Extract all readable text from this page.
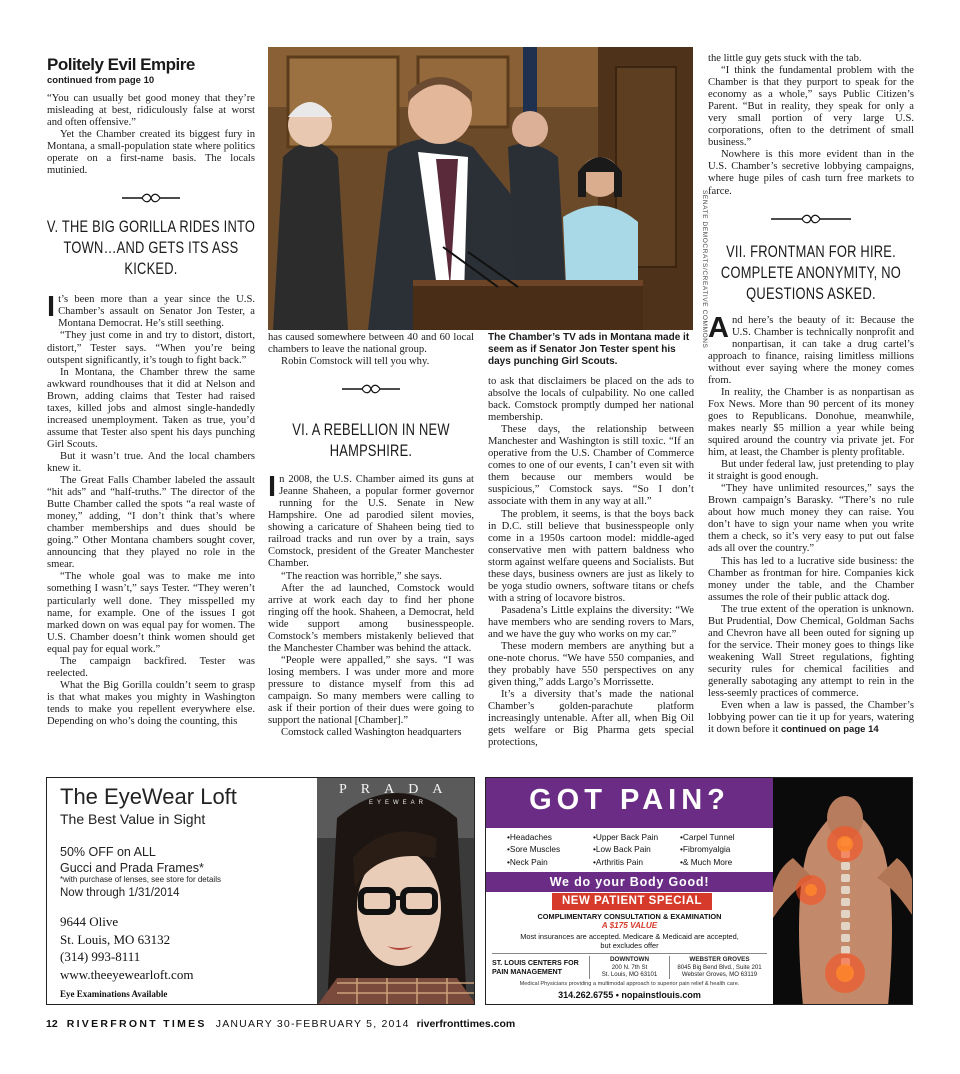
Politely Evil Empire
continued from page 10

“You can usually bet good money that they’re misleading at best, ridiculously false at worst and often offensive.”

Yet the Chamber created its biggest fury in Montana, a small-population state where politics operate on a first-name basis. The locals mutinied.

V. THE BIG GORILLA RIDES INTO TOWN…AND GETS ITS ASS KICKED.

It’s been more than a year since the U.S. Chamber’s assault on Senator Jon Tester, a Montana Democrat. He’s still seething.

“They just come in and try to distort, distort, distort,” Tester says. “When you’re being outspent significantly, it’s tough to fight back.”

In Montana, the Chamber threw the same awkward roundhouses that it did at Nelson and Brown, adding claims that Tester had raised taxes, killed jobs and almost single-handedly increased unemployment. Taken as true, you’d assume that Tester also spent his days punching Girl Scouts.

But it wasn’t true. And the local chambers knew it.

The Great Falls Chamber labeled the assault “hit ads” and “half-truths.” The director of the Butte Chamber called the spots “a real waste of money,” adding, “I don’t think that’s where chamber memberships and dues should be going.” Other Montana chambers sought cover, announcing that they played no role in the smear.

“The whole goal was to make me into something I wasn’t,” says Tester. “They weren’t particularly well done. They misspelled my name, for example. One of the issues I got marked down on was equal pay for women. The U.S. Chamber doesn’t think women should get equal pay for equal work.”

The campaign backfired. Tester was reelected.

What the Big Gorilla couldn’t seem to grasp is that what makes you mighty in Washington tends to make you repellent everywhere else. Depending on who’s doing the counting, this

SENATE DEMOCRATS/CREATIVE COMMONS

has caused somewhere between 40 and 60 local chambers to leave the national group.

Robin Comstock will tell you why.

VI. A REBELLION IN NEW HAMPSHIRE.

In 2008, the U.S. Chamber aimed its guns at Jeanne Shaheen, a popular former governor running for the U.S. Senate in New Hampshire. One ad parodied silent movies, showing a caricature of Shaheen being tied to railroad tracks and run over by a train, says Comstock, president of the Greater Manchester Chamber.

“The reaction was horrible,” she says.

After the ad launched, Comstock would arrive at work each day to find her phone ringing off the hook. Shaheen, a Democrat, held wide support among businesspeople. Comstock’s members mistakenly believed that the Manchester Chamber was behind the attack.

“People were appalled,” she says. “I was losing members. I was under more and more pressure to distance myself from this ad campaign. So many members were calling to ask if their portion of their dues were going to support the national [Chamber].”

Comstock called Washington headquarters

The Chamber’s TV ads in Montana made it seem as if Senator Jon Tester spent his days punching Girl Scouts.

to ask that disclaimers be placed on the ads to absolve the locals of culpability. No one called back. Comstock promptly dumped her national membership.

These days, the relationship between Manchester and Washington is still toxic. “If an operative from the U.S. Chamber of Commerce comes to one of our events, I can’t even sit with them because our members would be suspicious,” Comstock says. “So I don’t associate with them in any way at all.”

The problem, it seems, is that the boys back in D.C. still believe that businesspeople only come in a 1950s cartoon model: middle-aged conservative men with pattern baldness who storm against welfare queens and Socialists. But these days, business owners are just as likely to be yoga studio owners, software titans or chefs with a string of locavore bistros.

Pasadena’s Little explains the diversity: “We have members who are sending rovers to Mars, and we have the guy who works on my car.”

These modern members are anything but a one-note chorus. “We have 550 companies, and they probably have 550 perspectives on any given thing,” adds Largo’s Morrissette.

It’s a diversity that’s made the national Chamber’s golden-parachute platform increasingly untenable. After all, when Big Oil gets welfare or Big Pharma gets special protections,

the little guy gets stuck with the tab.

“I think the fundamental problem with the Chamber is that they purport to speak for the economy as a whole,” says Public Citizen’s Parent. “But in reality, they speak for only a very small portion of very large U.S. corporations, often to the detriment of small business.”

Nowhere is this more evident than in the U.S. Chamber’s secretive lobbying campaigns, where huge piles of cash turn free markets to farce.

VII. FRONTMAN FOR HIRE. COMPLETE ANONYMITY, NO QUESTIONS ASKED.

And here’s the beauty of it: Because the U.S. Chamber is technically nonprofit and nonpartisan, it can take a drug cartel’s approach to finance, raising limitless millions without ever saying where the money comes from.

In reality, the Chamber is as nonpartisan as Fox News. More than 90 percent of its money goes to Republicans. Donohue, meanwhile, makes nearly $5 million a year while being squired around the country via private jet. For him, at least, the Chamber is plenty profitable.

But under federal law, just pretending to play it straight is good enough.

“They have unlimited resources,” says the Brown campaign’s Barasky. “There’s no rule about how much money they can raise. You don’t have to sign your name when you write them a check, so it’s very easy to put out false ads all over the country.”

This has led to a lucrative side business: the Chamber as frontman for hire. Companies kick money under the table, and the Chamber assumes the role of their public attack dog.

The true extent of the operation is unknown. But Prudential, Dow Chemical, Goldman Sachs and Chevron have all been outed for signing up for the service. Their money goes to things like weakening Wall Street regulations, fighting security rules for chemical facilities and generally sabotaging any attempt to rein in the less-seemly practices of commerce.

Even when a law is passed, the Chamber’s lobbying power can tie it up for years, watering it down before it continued on page 14

The EyeWear Loft
The Best Value in Sight
50% OFF on ALL
Gucci and Prada Frames*
*with purchase of lenses, see store for details
Now through 1/31/2014
9644 Olive
St. Louis, MO 63132
(314) 993-8111
www.theeyewearloft.com
Eye Examinations Available
PRADA
EYEWEAR	GOT PAIN?
•Headaches	•Upper Back Pain	•Carpel Tunnel
•Sore Muscles	•Low Back Pain	•Fibromyalgia
•Neck Pain	•Arthritis Pain	•& Much More
We do your Body Good!
NEW PATIENT SPECIAL
COMPLIMENTARY CONSULTATION & EXAMINATION
A $175 VALUE
Most insurances are accepted. Medicare & Medicaid are accepted,
but excludes offer
ST. LOUIS CENTERS FOR PAIN MANAGEMENT
DOWNTOWN
200 N. 7th St
St. Louis, MO 63101
WEBSTER GROVES
8045 Big Bend Blvd., Suite 201
Webster Groves, MO 63119
Medical Physicians providing a multimodal approach to superior pain relief & health care.
314.262.6755 • nopainstlouis.com
12 RIVERFRONT TIMES JANUARY 30-FEBRUARY 5, 2014 riverfronttimes.com
